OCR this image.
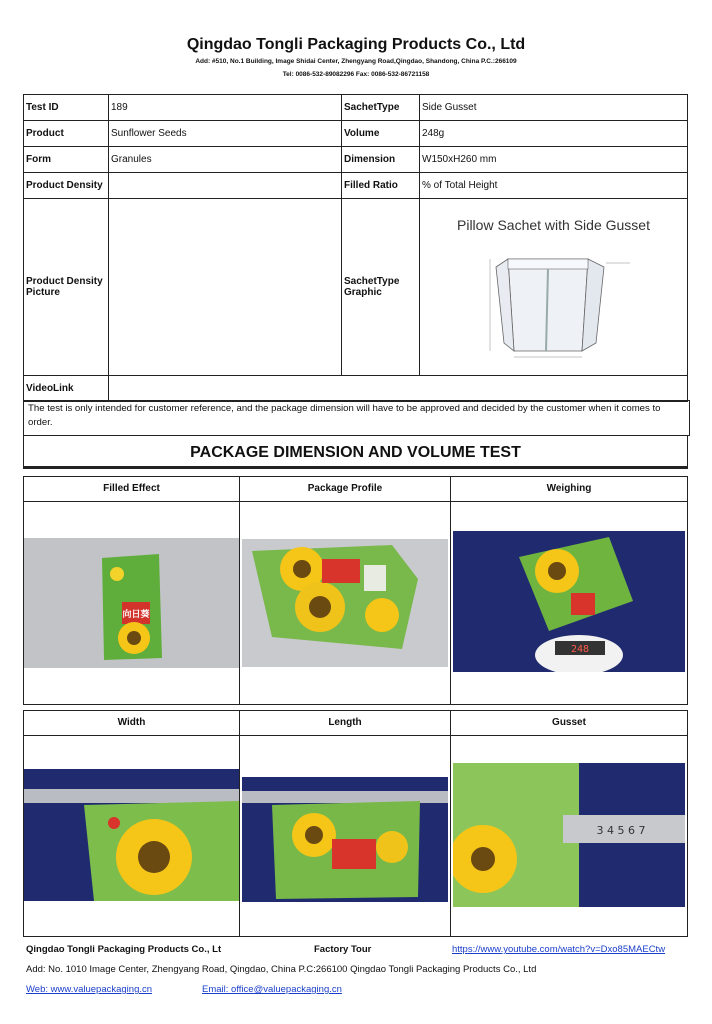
Qingdao Tongli Packaging Products Co., Ltd
Add: #510, No.1 Building, Image Shidai Center, Zhengyang Road,Qingdao, Shandong, China P.C.:266109
Tel: 0086-532-89082296 Fax: 0086-532-86721158
Test ID	189	SachetType	Side Gusset
Product	Sunflower Seeds	Volume	248g
Form	Granules	Dimension	W150xH260 mm
Product Density		Filled Ratio	% of Total Height
Product Density Picture		SachetType Graphic	Pillow Sachet with Side Gusset

VideoLink			
The test is only intended for customer reference, and the package dimension will have to be approved and decided by the customer when it comes to order.
PACKAGE DIMENSION AND VOLUME TEST
Filled Effect
向日葵
Package Profile	Weighing
248
Width	Length	Gusset
3 4 5 6 7
Qingdao Tongli Packaging Products Co., Lt	Factory Tour	https://www.youtube.com/watch?v=Dxo85MAECtw
Add: No. 1010 Image Center, Zhengyang Road, Qingdao, China P.C:266100 Qingdao Tongli Packaging Products Co., Ltd
Web: www.valuepackaging.cn	Email: office@valuepackaging.cn
